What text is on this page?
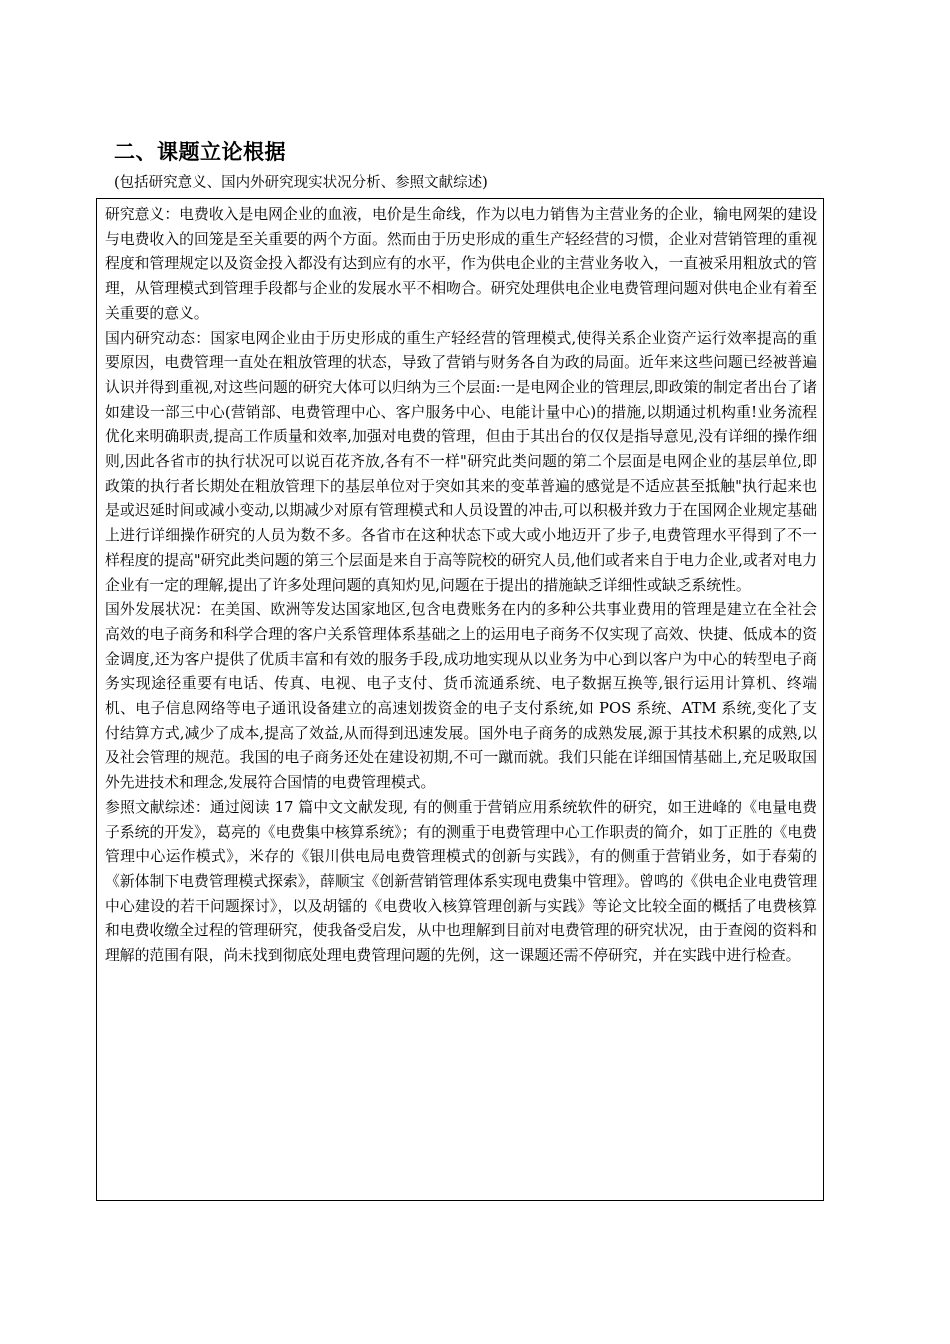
二、课题立论根据

(包括研究意义、国内外研究现实状况分析、参照文献综述)

研究意义：电费收入是电网企业的血液，电价是生命线，作为以电力销售为主营业务的企业，输电网架的建设与电费收入的回笼是至关重要的两个方面。然而由于历史形成的重生产轻经营的习惯，企业对营销管理的重视程度和管理规定以及资金投入都没有达到应有的水平，作为供电企业的主营业务收入，一直被采用粗放式的管理，从管理模式到管理手段都与企业的发展水平不相吻合。研究处理供电企业电费管理问题对供电企业有着至关重要的意义。

国内研究动态：国家电网企业由于历史形成的重生产轻经营的管理模式,使得关系企业资产运行效率提高的重要原因，电费管理一直处在粗放管理的状态，导致了营销与财务各自为政的局面。近年来这些问题已经被普遍认识并得到重视,对这些问题的研究大体可以归纳为三个层面:一是电网企业的管理层,即政策的制定者出台了诸如建设一部三中心(营销部、电费管理中心、客户服务中心、电能计量中心)的措施,以期通过机构重!业务流程优化来明确职责,提高工作质量和效率,加强对电费的管理，但由于其出台的仅仅是指导意见,没有详细的操作细则,因此各省市的执行状况可以说百花齐放,各有不一样"研究此类问题的第二个层面是电网企业的基层单位,即政策的执行者长期处在粗放管理下的基层单位对于突如其来的变革普遍的感觉是不适应甚至抵触"执行起来也是或迟延时间或减小变动,以期减少对原有管理模式和人员设置的冲击,可以积极并致力于在国网企业规定基础上进行详细操作研究的人员为数不多。各省市在这种状态下或大或小地迈开了步子,电费管理水平得到了不一样程度的提高"研究此类问题的第三个层面是来自于高等院校的研究人员,他们或者来自于电力企业,或者对电力企业有一定的理解,提出了许多处理问题的真知灼见,问题在于提出的措施缺乏详细性或缺乏系统性。

国外发展状况：在美国、欧洲等发达国家地区,包含电费账务在内的多种公共事业费用的管理是建立在全社会高效的电子商务和科学合理的客户关系管理体系基础之上的运用电子商务不仅实现了高效、快捷、低成本的资金调度,还为客户提供了优质丰富和有效的服务手段,成功地实现从以业务为中心到以客户为中心的转型电子商务实现途径重要有电话、传真、电视、电子支付、货币流通系统、电子数据互换等,银行运用计算机、终端机、电子信息网络等电子通讯设备建立的高速划拨资金的电子支付系统,如 POS 系统、ATM 系统,变化了支付结算方式,减少了成本,提高了效益,从而得到迅速发展。国外电子商务的成熟发展,源于其技术积累的成熟,以及社会管理的规范。我国的电子商务还处在建设初期,不可一蹴而就。我们只能在详细国情基础上,充足吸取国外先进技术和理念,发展符合国情的电费管理模式。

参照文献综述：通过阅读 17 篇中文文献发现, 有的侧重于营销应用系统软件的研究，如王进峰的《电量电费子系统的开发》，葛亮的《电费集中核算系统》；有的测重于电费管理中心工作职责的简介，如丁正胜的《电费管理中心运作模式》，米存的《银川供电局电费管理模式的创新与实践》，有的侧重于营销业务，如于春菊的《新体制下电费管理模式探索》，薛顺宝《创新营销管理体系实现电费集中管理》。曾鸣的《供电企业电费管理中心建设的若干问题探讨》，以及胡镭的《电费收入核算管理创新与实践》等论文比较全面的概括了电费核算和电费收缴全过程的管理研究，使我备受启发，从中也理解到目前对电费管理的研究状况，由于查阅的资料和理解的范围有限，尚未找到彻底处理电费管理问题的先例，这一课题还需不停研究，并在实践中进行检查。
